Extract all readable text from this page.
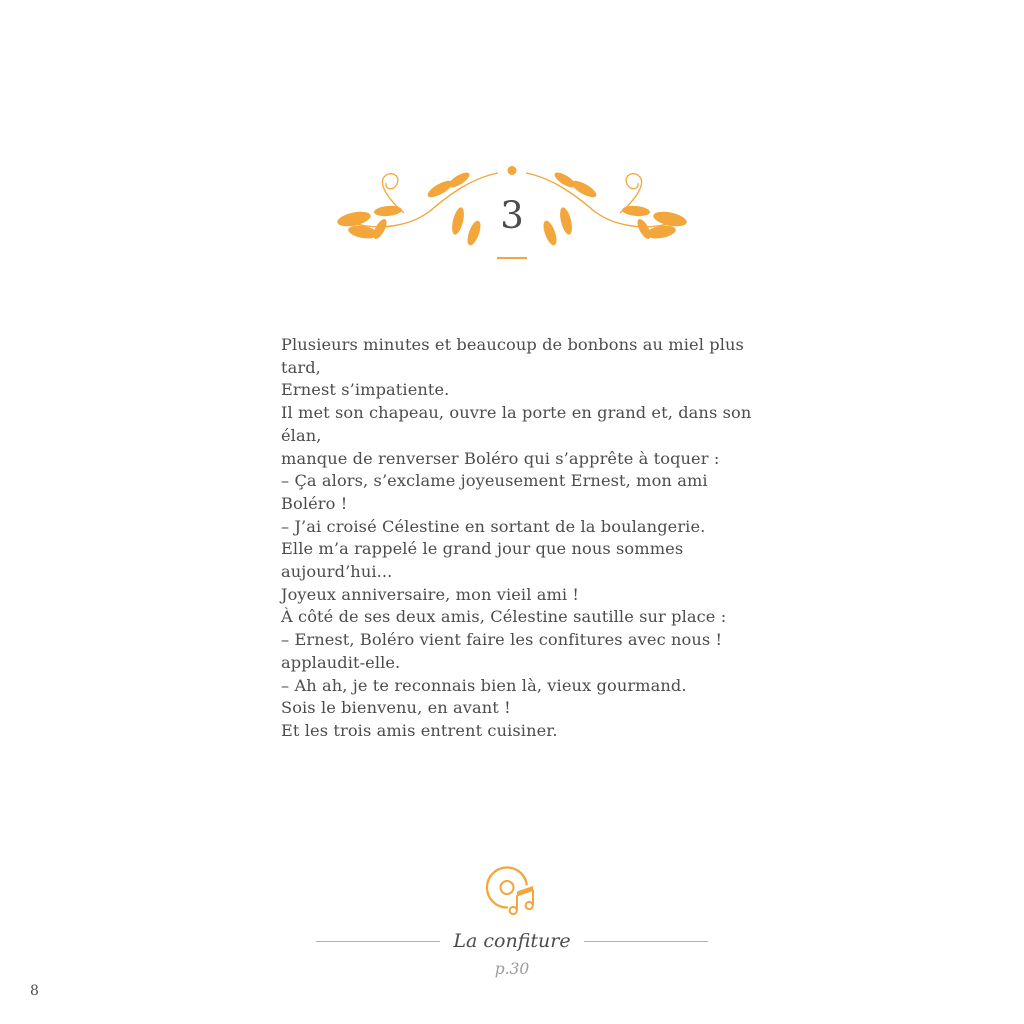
3

Plusieurs minutes et beaucoup de bonbons au miel plus tard,

Ernest s’impatiente.

Il met son chapeau, ouvre la porte en grand et, dans son élan,

manque de renverser Boléro qui s’apprête à toquer :

– Ça alors, s’exclame joyeusement Ernest, mon ami Boléro !

– J’ai croisé Célestine en sortant de la boulangerie.

Elle m’a rappelé le grand jour que nous sommes aujourd’hui...

Joyeux anniversaire, mon vieil ami !

À côté de ses deux amis, Célestine sautille sur place :

– Ernest, Boléro vient faire les confitures avec nous !

applaudit-elle.

– Ah ah, je te reconnais bien là, vieux gourmand.

Sois le bienvenu, en avant !

Et les trois amis entrent cuisiner.

La confiture
p.30
8
